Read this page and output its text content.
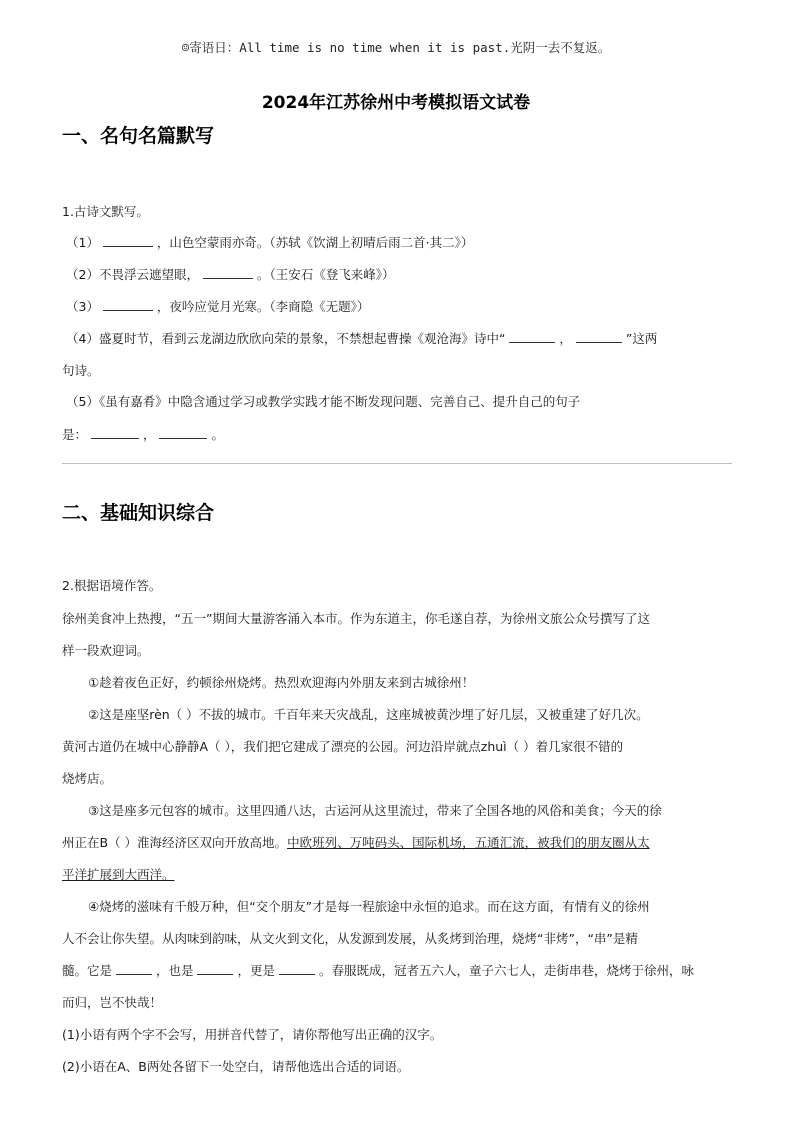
☺寄语日：All time is no time when it is past.光阴一去不复返。
2024年江苏徐州中考模拟语文试卷
一、名句名篇默写
1.古诗文默写。
（1）	，山色空蒙雨亦奇。（苏轼《饮湖上初晴后雨二首·其二》）
（2）不畏浮云遮望眼，	。（王安石《登飞来峰》）
（3）	，夜吟应觉月光寒。（李商隐《无题》）
（4）盛夏时节，看到云龙湖边欣欣向荣的景象，不禁想起曹操《观沧海》诗中“	，	”这两
句诗。
（5）《虽有嘉肴》中隐含通过学习或教学实践才能不断发现问题、完善自己、提升自己的句子
是：	，	。
二、基础知识综合
2.根据语境作答。
徐州美食冲上热搜，“五一”期间大量游客涌入本市。作为东道主，你毛遂自荐，为徐州文旅公众号撰写了这
样一段欢迎词。
①趁着夜色正好，约顿徐州烧烤。热烈欢迎海内外朋友来到古城徐州！
②这是座坚rèn（ ）不拔的城市。千百年来天灾战乱，这座城被黄沙埋了好几层，又被重建了好几次。
黄河古道仍在城中心静静A（ ），我们把它建成了漂亮的公园。河边沿岸就点zhuì（ ）着几家很不错的
烧烤店。
③这是座多元包容的城市。这里四通八达，古运河从这里流过，带来了全国各地的风俗和美食；今天的徐
州正在B（ ）淮海经济区双向开放高地。中欧班列、万吨码头、国际机场，五通汇流，被我们的朋友圈从太
平洋扩展到大西洋。
④烧烤的滋味有千般万种，但“交个朋友”才是每一程旅途中永恒的追求。而在这方面，有情有义的徐州
人不会让你失望。从肉味到韵味，从文火到文化，从发源到发展，从炙烤到治理，烧烤“非烤”，“串”是精
髓。它是	，也是	，更是	。春服既成，冠者五六人，童子六七人，走街串巷，烧烤于徐州，咏
而归，岂不快哉！
(1)小语有两个字不会写，用拼音代替了，请你帮他写出正确的汉字。
(2)小语在A、B两处各留下一处空白，请帮他选出合适的词语。
